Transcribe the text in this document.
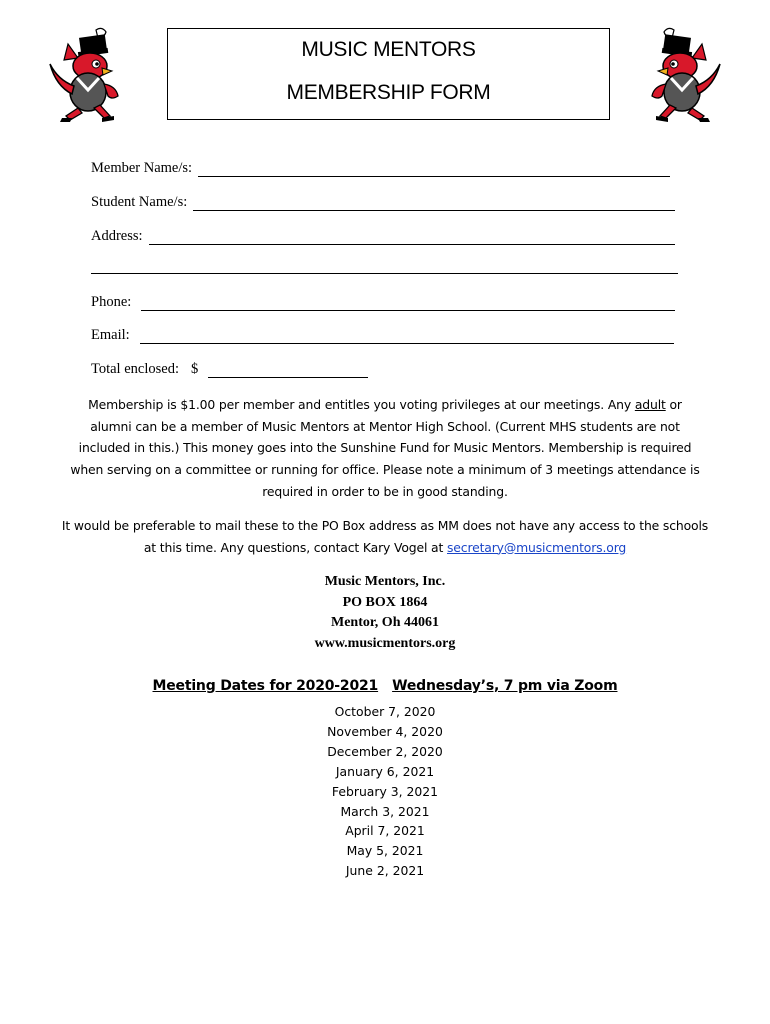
MUSIC MENTORS
MEMBERSHIP FORM
Member Name/s:
Student Name/s:
Address:
Phone:
Email:
Total enclosed: $
Membership is $1.00 per member and entitles you voting privileges at our meetings. Any adult or alumni can be a member of Music Mentors at Mentor High School. (Current MHS students are not included in this.) This money goes into the Sunshine Fund for Music Mentors. Membership is required when serving on a committee or running for office. Please note a minimum of 3 meetings attendance is required in order to be in good standing.
It would be preferable to mail these to the PO Box address as MM does not have any access to the schools at this time. Any questions, contact Kary Vogel at secretary@musicmentors.org
Music Mentors, Inc.
PO BOX 1864
Mentor, Oh 44061
www.musicmentors.org
Meeting Dates for 2020-2021 Wednesday’s, 7 pm via Zoom
October 7, 2020
November 4, 2020
December 2, 2020
January 6, 2021
February 3, 2021
March 3, 2021
April 7, 2021
May 5, 2021
June 2, 2021
